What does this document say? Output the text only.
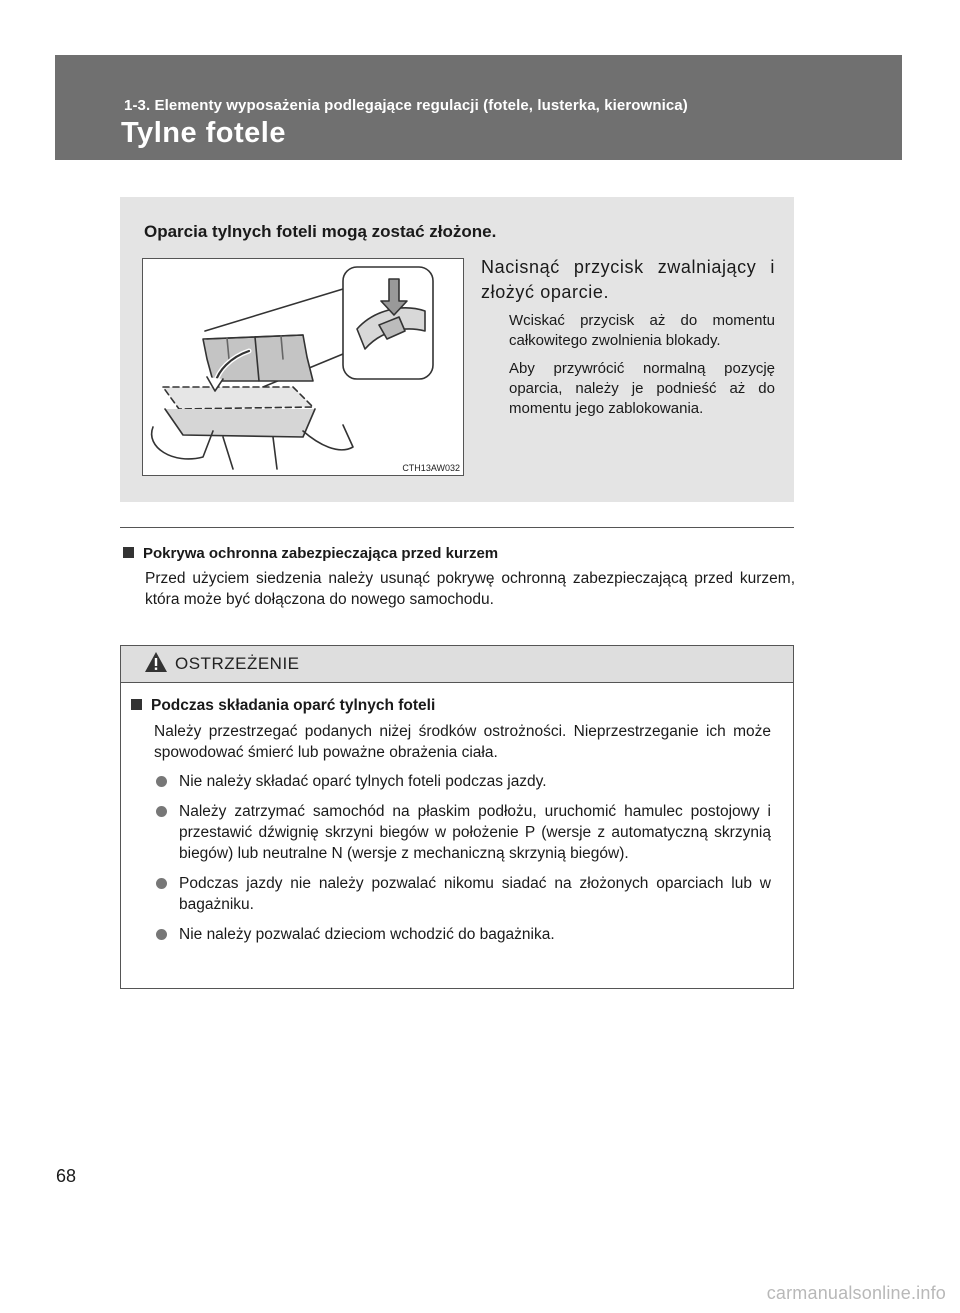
1-3. Elementy wyposażenia podlegające regulacji (fotele, lusterka, kierownica)
Tylne fotele
Oparcia tylnych foteli mogą zostać złożone.
CTH13AW032
Nacisnąć przycisk zwalniający i złożyć oparcie.
Wciskać przycisk aż do momentu całkowitego zwolnienia blokady.
Aby przywrócić normalną pozycję oparcia, należy je podnieść aż do momentu jego zablokowania.
Pokrywa ochronna zabezpieczająca przed kurzem
Przed użyciem siedzenia należy usunąć pokrywę ochronną zabezpieczającą przed kurzem, która może być dołączona do nowego samochodu.
OSTRZEŻENIE
Podczas składania oparć tylnych foteli
Należy przestrzegać podanych niżej środków ostrożności. Nieprzestrzeganie ich może spowodować śmierć lub poważne obrażenia ciała.
Nie należy składać oparć tylnych foteli podczas jazdy.
Należy zatrzymać samochód na płaskim podłożu, uruchomić hamulec postojowy i przestawić dźwignię skrzyni biegów w położenie P (wersje z automatyczną skrzynią biegów) lub neutralne N (wersje z mechaniczną skrzynią biegów).
Podczas jazdy nie należy pozwalać nikomu siadać na złożonych oparciach lub w bagażniku.
Nie należy pozwalać dzieciom wchodzić do bagażnika.
68
carmanualsonline.info
